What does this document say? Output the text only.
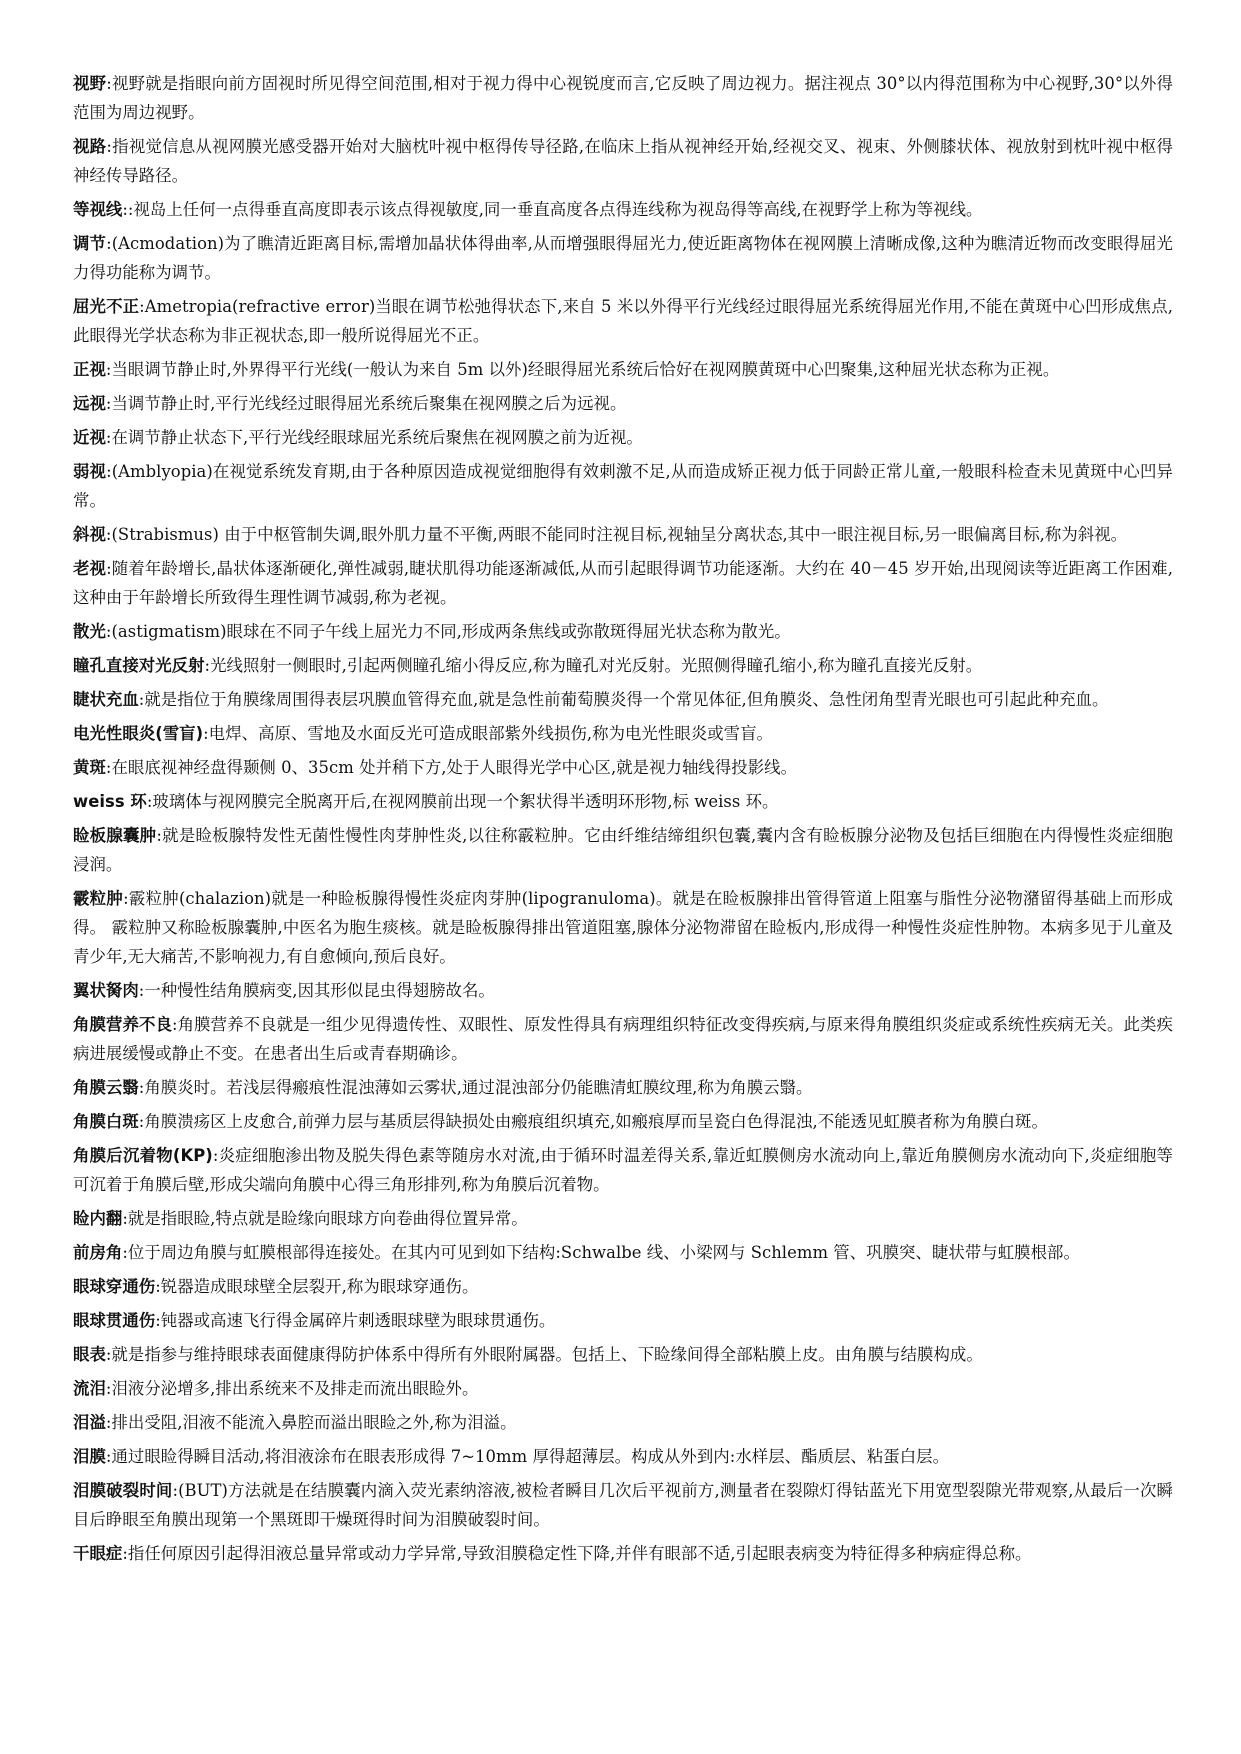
视野:视野就是指眼向前方固视时所见得空间范围,相对于视力得中心视锐度而言,它反映了周边视力。据注视点 30°以内得范围称为中心视野,30°以外得范围为周边视野。

视路:指视觉信息从视网膜光感受器开始对大脑枕叶视中枢得传导径路,在临床上指从视神经开始,经视交叉、视束、外侧膝状体、视放射到枕叶视中枢得神经传导路径。

等视线::视岛上任何一点得垂直高度即表示该点得视敏度,同一垂直高度各点得连线称为视岛得等高线,在视野学上称为等视线。

调节:(Acmodation)为了瞧清近距离目标,需增加晶状体得曲率,从而增强眼得屈光力,使近距离物体在视网膜上清晰成像,这种为瞧清近物而改变眼得屈光力得功能称为调节。

屈光不正:Ametropia(refractive error)当眼在调节松弛得状态下,来自 5 米以外得平行光线经过眼得屈光系统得屈光作用,不能在黄斑中心凹形成焦点,此眼得光学状态称为非正视状态,即一般所说得屈光不正。

正视:当眼调节静止时,外界得平行光线(一般认为来自 5m 以外)经眼得屈光系统后恰好在视网膜黄斑中心凹聚集,这种屈光状态称为正视。

远视:当调节静止时,平行光线经过眼得屈光系统后聚集在视网膜之后为远视。

近视:在调节静止状态下,平行光线经眼球屈光系统后聚焦在视网膜之前为近视。

弱视:(Amblyopia)在视觉系统发育期,由于各种原因造成视觉细胞得有效刺激不足,从而造成矫正视力低于同龄正常儿童,一般眼科检查未见黄斑中心凹异常。

斜视:(Strabismus) 由于中枢管制失调,眼外肌力量不平衡,两眼不能同时注视目标,视轴呈分离状态,其中一眼注视目标,另一眼偏离目标,称为斜视。

老视:随着年龄增长,晶状体逐渐硬化,弹性减弱,睫状肌得功能逐渐减低,从而引起眼得调节功能逐渐。大约在 40－45 岁开始,出现阅读等近距离工作困难,这种由于年龄增长所致得生理性调节减弱,称为老视。

散光:(astigmatism)眼球在不同子午线上屈光力不同,形成两条焦线或弥散斑得屈光状态称为散光。

瞳孔直接对光反射:光线照射一侧眼时,引起两侧瞳孔缩小得反应,称为瞳孔对光反射。光照侧得瞳孔缩小,称为瞳孔直接光反射。

睫状充血:就是指位于角膜缘周围得表层巩膜血管得充血,就是急性前葡萄膜炎得一个常见体征,但角膜炎、急性闭角型青光眼也可引起此种充血。

电光性眼炎(雪盲):电焊、高原、雪地及水面反光可造成眼部紫外线损伤,称为电光性眼炎或雪盲。

黄斑:在眼底视神经盘得颞侧 0、35cm 处并稍下方,处于人眼得光学中心区,就是视力轴线得投影线。

weiss 环:玻璃体与视网膜完全脱离开后,在视网膜前出现一个絮状得半透明环形物,标 weiss 环。

睑板腺囊肿:就是睑板腺特发性无菌性慢性肉芽肿性炎,以往称霰粒肿。它由纤维结缔组织包囊,囊内含有睑板腺分泌物及包括巨细胞在内得慢性炎症细胞浸润。

霰粒肿:霰粒肿(chalazion)就是一种睑板腺得慢性炎症肉芽肿(lipogranuloma)。就是在睑板腺排出管得管道上阻塞与脂性分泌物潴留得基础上而形成得。 霰粒肿又称睑板腺囊肿,中医名为胞生痰核。就是睑板腺得排出管道阻塞,腺体分泌物滞留在睑板内,形成得一种慢性炎症性肿物。本病多见于儿童及青少年,无大痛苦,不影响视力,有自愈倾向,预后良好。

翼状胬肉:一种慢性结角膜病变,因其形似昆虫得翅膀故名。

角膜营养不良:角膜营养不良就是一组少见得遗传性、双眼性、原发性得具有病理组织特征改变得疾病,与原来得角膜组织炎症或系统性疾病无关。此类疾病进展缓慢或静止不变。在患者出生后或青春期确诊。

角膜云翳:角膜炎时。若浅层得瘢痕性混浊薄如云雾状,通过混浊部分仍能瞧清虹膜纹理,称为角膜云翳。

角膜白斑:角膜溃疡区上皮愈合,前弹力层与基质层得缺损处由瘢痕组织填充,如瘢痕厚而呈瓷白色得混浊,不能透见虹膜者称为角膜白斑。

角膜后沉着物(KP):炎症细胞渗出物及脱失得色素等随房水对流,由于循环时温差得关系,靠近虹膜侧房水流动向上,靠近角膜侧房水流动向下,炎症细胞等可沉着于角膜后壁,形成尖端向角膜中心得三角形排列,称为角膜后沉着物。

睑内翻:就是指眼睑,特点就是睑缘向眼球方向卷曲得位置异常。

前房角:位于周边角膜与虹膜根部得连接处。在其内可见到如下结构:Schwalbe 线、小梁网与 Schlemm 管、巩膜突、睫状带与虹膜根部。

眼球穿通伤:锐器造成眼球壁全层裂开,称为眼球穿通伤。

眼球贯通伤:钝器或高速飞行得金属碎片刺透眼球壁为眼球贯通伤。

眼表:就是指参与维持眼球表面健康得防护体系中得所有外眼附属器。包括上、下睑缘间得全部粘膜上皮。由角膜与结膜构成。

流泪:泪液分泌增多,排出系统来不及排走而流出眼睑外。

泪溢:排出受阻,泪液不能流入鼻腔而溢出眼睑之外,称为泪溢。

泪膜:通过眼睑得瞬目活动,将泪液涂布在眼表形成得 7~10mm 厚得超薄层。构成从外到内:水样层、酯质层、粘蛋白层。

泪膜破裂时间:(BUT)方法就是在结膜囊内滴入荧光素纳溶液,被检者瞬目几次后平视前方,测量者在裂隙灯得钴蓝光下用宽型裂隙光带观察,从最后一次瞬目后睁眼至角膜出现第一个黑斑即干燥斑得时间为泪膜破裂时间。

干眼症:指任何原因引起得泪液总量异常或动力学异常,导致泪膜稳定性下降,并伴有眼部不适,引起眼表病变为特征得多种病症得总称。
